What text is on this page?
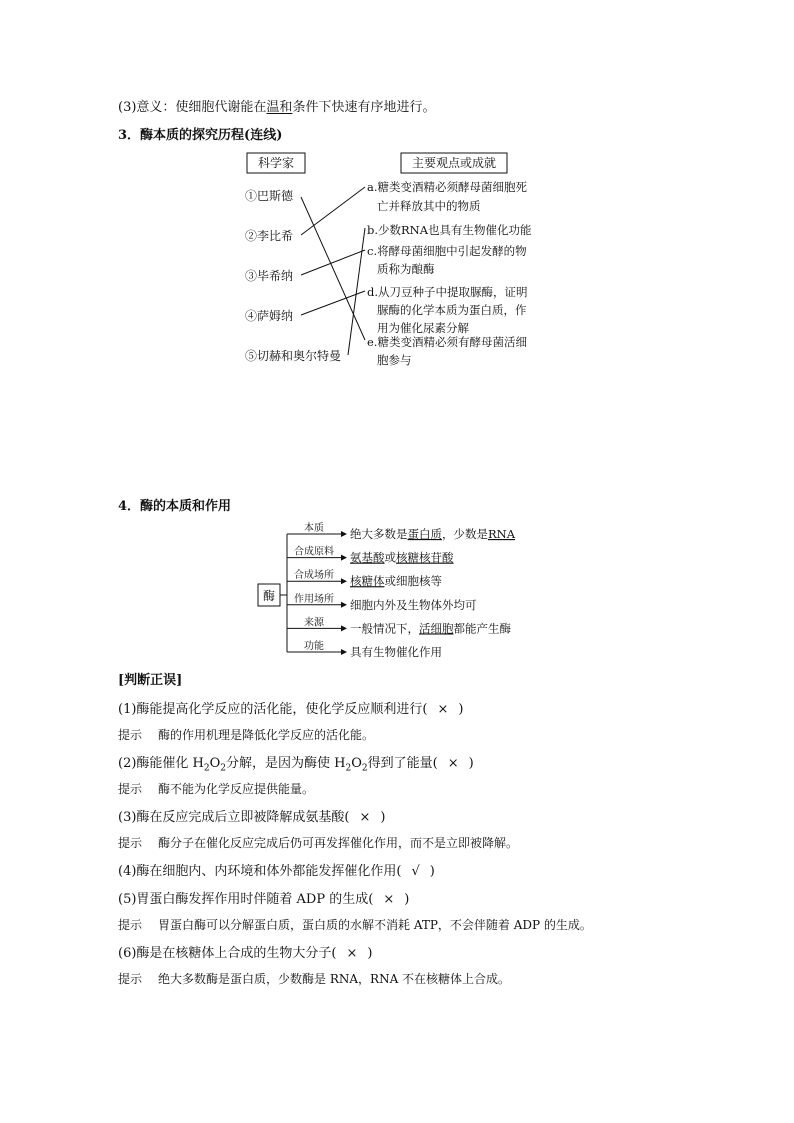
(3)意义：使细胞代谢能在温和条件下快速有序地进行。
3．酶本质的探究历程(连线)
科学家	主要观点或成就
①巴斯德
②李比希
③毕希纳
④萨姆纳
⑤切赫和奥尔特曼
a.糖类变酒精必须酵母菌细胞死
亡并释放其中的物质
b.少数RNA也具有生物催化功能
c.将酵母菌细胞中引起发酵的物
质称为酿酶
d.从刀豆种子中提取脲酶，证明
脲酶的化学本质为蛋白质，作
用为催化尿素分解
e.糖类变酒精必须有酵母菌活细
胞参与
4．酶的本质和作用
酶
本质 绝大多数是蛋白质，少数是RNA
合成原料 氨基酸或核糖核苷酸
合成场所 核糖体或细胞核等
作用场所 细胞内外及生物体外均可
来源 一般情况下，活细胞都能产生酶
功能 具有生物催化作用
[判断正误]
(1)酶能提高化学反应的活化能，使化学反应顺利进行( × )
提示 酶的作用机理是降低化学反应的活化能。
(2)酶能催化 $H_2O_2$分解，是因为酶使 $H_2O_2$得到了能量( × )
提示 酶不能为化学反应提供能量。
(3)酶在反应完成后立即被降解成氨基酸( × )
提示 酶分子在催化反应完成后仍可再发挥催化作用，而不是立即被降解。
(4)酶在细胞内、内环境和体外都能发挥催化作用( √ )
(5)胃蛋白酶发挥作用时伴随着 ADP 的生成( × )
提示 胃蛋白酶可以分解蛋白质，蛋白质的水解不消耗 ATP，不会伴随着 ADP 的生成。
(6)酶是在核糖体上合成的生物大分子( × )
提示 绝大多数酶是蛋白质，少数酶是 RNA，RNA 不在核糖体上合成。
